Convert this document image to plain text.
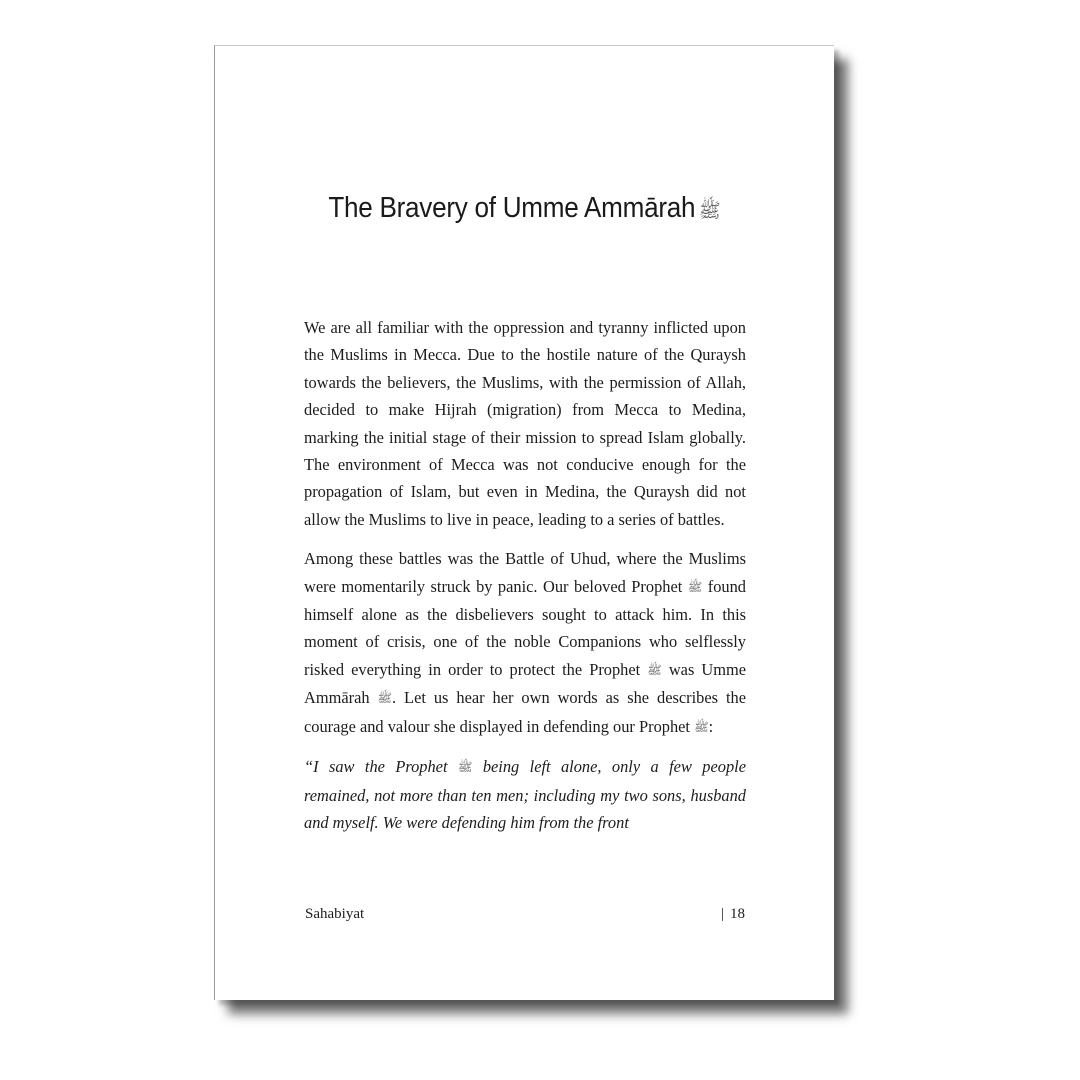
The Bravery of Umme Ammārah ﷺ

We are all familiar with the oppression and tyranny inflicted upon the Muslims in Mecca. Due to the hostile nature of the Quraysh towards the believers, the Muslims, with the permission of Allah, decided to make Hijrah (migration) from Mecca to Medina, marking the initial stage of their mission to spread Islam globally. The environment of Mecca was not conducive enough for the propagation of Islam, but even in Medina, the Quraysh did not allow the Muslims to live in peace, leading to a series of battles.

Among these battles was the Battle of Uhud, where the Muslims were momentarily struck by panic. Our beloved Prophet ﷺ found himself alone as the disbelievers sought to attack him. In this moment of crisis, one of the noble Companions who selflessly risked everything in order to protect the Prophet ﷺ was Umme Ammārah ﷺ. Let us hear her own words as she describes the courage and valour she displayed in defending our Prophet ﷺ:

“I saw the Prophet ﷺ being left alone, only a few people remained, not more than ten men; including my two sons, husband and myself. We were defending him from the front

Sahabiyat	| 18
